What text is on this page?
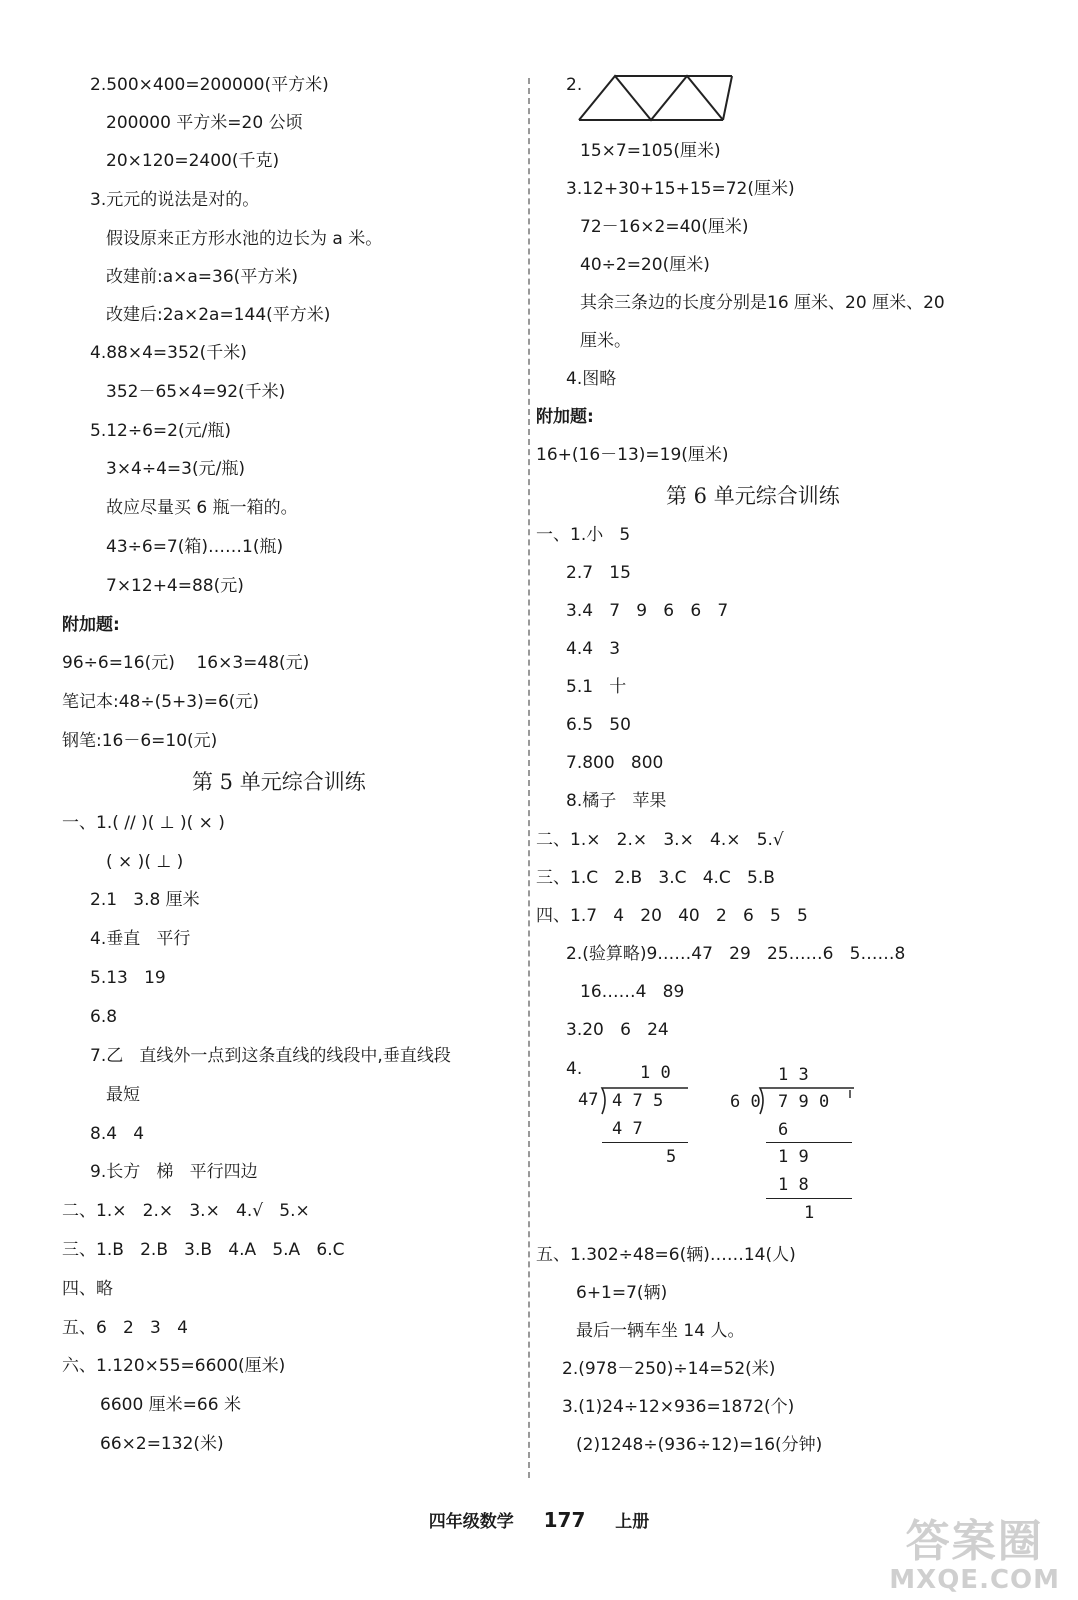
2.500×400=200000(平方米)
200000 平方米=20 公顷
20×120=2400(千克)
3.元元的说法是对的。
假设原来正方形水池的边长为 a 米。
改建前:a×a=36(平方米)
改建后:2a×2a=144(平方米)
4.88×4=352(千米)
352－65×4=92(千米)
5.12÷6=2(元/瓶)
3×4÷4=3(元/瓶)
故应尽量买 6 瓶一箱的。
43÷6=7(箱)……1(瓶)
7×12+4=88(元)
附加题:
96÷6=16(元)    16×3=48(元)
笔记本:48÷(5+3)=6(元)
钢笔:16－6=10(元)
第 5 单元综合训练
一、1.( // )( ⊥ )( × )
( × )( ⊥ )
2.1   3.8 厘米
4.垂直   平行
5.13   19
6.8
7.乙   直线外一点到这条直线的线段中,垂直线段
最短
8.4   4
9.长方   梯   平行四边
二、1.×   2.×   3.×   4.√   5.×
三、1.B   2.B   3.B   4.A   5.A   6.C
四、略
五、6   2   3   4
六、1.120×55=6600(厘米)
6600 厘米=66 米
66×2=132(米)
2.
15×7=105(厘米)
3.12+30+15+15=72(厘米)
72－16×2=40(厘米)
40÷2=20(厘米)
其余三条边的长度分别是16 厘米、20 厘米、20
厘米。
4.图略
附加题:
16+(16－13)=19(厘米)
第 6 单元综合训练
一、1.小   5
2.7   15
3.4   7   9   6   6   7
4.4   3
5.1   十
6.5   50
7.800   800
8.橘子   苹果
二、1.×   2.×   3.×   4.×   5.√
三、1.C   2.B   3.C   4.C   5.B
四、1.7   4   20   40   2   6   5   5
2.(验算略)9……47   29   25……6   5……8
16……4   89
3.20   6   24
4.	1 0
47 4 7 5
4 7
5
1 3
6 0 7 9 0
6
1 9
1 8
1
五、1.302÷48=6(辆)……14(人)
6+1=7(辆)
最后一辆车坐 14 人。
2.(978－250)÷14=52(米)
3.(1)24÷12×936=1872(个)
(2)1248÷(936÷12)=16(分钟)
四年级数学 177 上册	答案圈
MXQE.COM
